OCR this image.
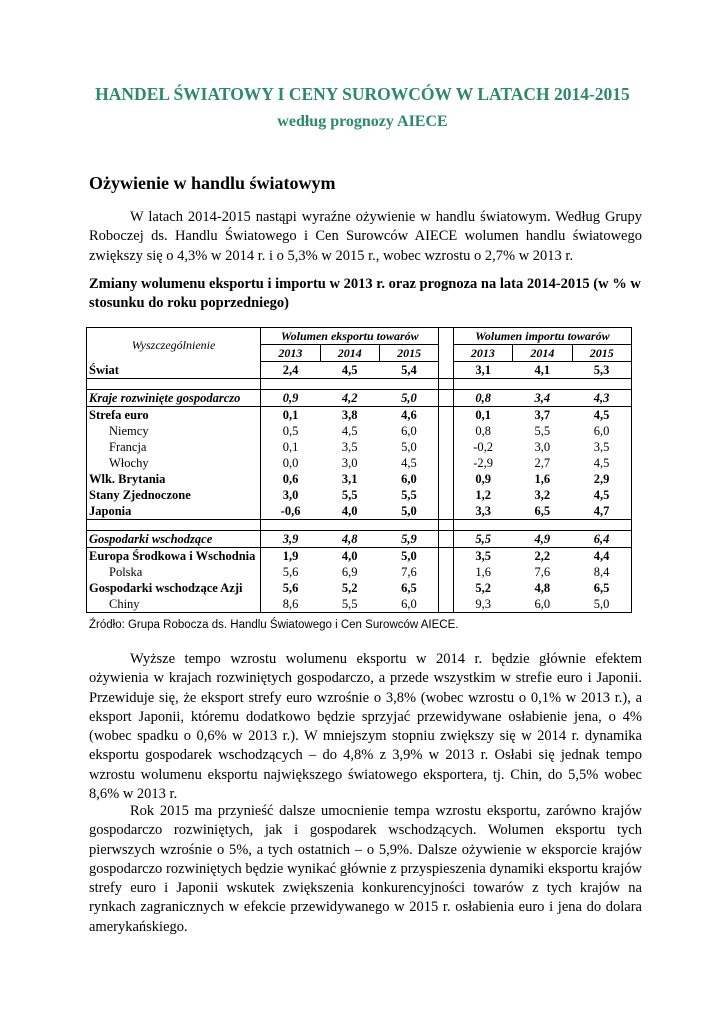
HANDEL ŚWIATOWY I CENY SUROWCÓW W LATACH 2014-2015
według prognozy AIECE
Ożywienie w handlu światowym
W latach 2014-2015 nastąpi wyraźne ożywienie w handlu światowym. Według Grupy Roboczej ds. Handlu Światowego i Cen Surowców AIECE wolumen handlu światowego zwiększy się o 4,3% w 2014 r. i o 5,3% w 2015 r., wobec wzrostu o 2,7% w 2013 r.
Zmiany wolumenu eksportu i importu w 2013 r. oraz prognoza na lata 2014-2015 (w % w stosunku do roku poprzedniego)
Wyszczególnienie	Wolumen eksportu towarów				Wolumen importu towarów		
	2013	2014	2015		2013	2014	2015
Świat	2,4	4,5	5,4		3,1	4,1	5,3

Kraje rozwinięte gospodarczo	0,9	4,2	5,0		0,8	3,4	4,3
Strefa euro	0,1	3,8	4,6		0,1	3,7	4,5
Niemcy	0,5	4,5	6,0		0,8	5,5	6,0
Francja	0,1	3,5	5,0		-0,2	3,0	3,5
Włochy	0,0	3,0	4,5		-2,9	2,7	4,5
Wlk. Brytania	0,6	3,1	6,0		0,9	1,6	2,9
Stany Zjednoczone	3,0	5,5	5,5		1,2	3,2	4,5
Japonia	-0,6	4,0	5,0		3,3	6,5	4,7

Gospodarki wschodzące	3,9	4,8	5,9		5,5	4,9	6,4
Europa Środkowa i Wschodnia	1,9	4,0	5,0		3,5	2,2	4,4
Polska	5,6	6,9	7,6		1,6	7,6	8,4
Gospodarki wschodzące Azji	5,6	5,2	6,5		5,2	4,8	6,5
Chiny	8,6	5,5	6,0		9,3	6,0	5,0
Źródło: Grupa Robocza ds. Handlu Światowego i Cen Surowców AIECE.
Wyższe tempo wzrostu wolumenu eksportu w 2014 r. będzie głównie efektem ożywienia w krajach rozwiniętych gospodarczo, a przede wszystkim w strefie euro i Japonii. Przewiduje się, że eksport strefy euro wzrośnie o 3,8% (wobec wzrostu o 0,1% w 2013 r.), a eksport Japonii, któremu dodatkowo będzie sprzyjać przewidywane osłabienie jena, o 4% (wobec spadku o 0,6% w 2013 r.). W mniejszym stopniu zwiększy się w 2014 r. dynamika eksportu gospodarek wschodzących – do 4,8% z 3,9% w 2013 r. Osłabi się jednak tempo wzrostu wolumenu eksportu największego światowego eksportera, tj. Chin, do 5,5% wobec 8,6% w 2013 r.
Rok 2015 ma przynieść dalsze umocnienie tempa wzrostu eksportu, zarówno krajów gospodarczo rozwiniętych, jak i gospodarek wschodzących. Wolumen eksportu tych pierwszych wzrośnie o 5%, a tych ostatnich – o 5,9%. Dalsze ożywienie w eksporcie krajów gospodarczo rozwiniętych będzie wynikać głównie z przyspieszenia dynamiki eksportu krajów strefy euro i Japonii wskutek zwiększenia konkurencyjności towarów z tych krajów na rynkach zagranicznych w efekcie przewidywanego w 2015 r. osłabienia euro i jena do dolara amerykańskiego.
